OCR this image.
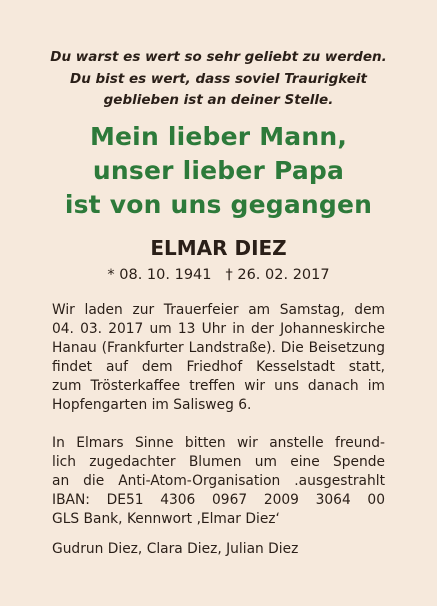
Du warst es wert so sehr geliebt zu werden.
Du bist es wert, dass soviel Traurigkeit
geblieben ist an deiner Stelle.
Mein lieber Mann,
unser lieber Papa
ist von uns gegangen
ELMAR DIEZ
* 08. 10. 1941 † 26. 02. 2017
Wir laden zur Trauerfeier am Samstag, dem
04. 03. 2017 um 13 Uhr in der Johanneskirche
Hanau (Frankfurter Landstraße). Die Beisetzung
findet auf dem Friedhof Kesselstadt statt,
zum Trösterkaffee treffen wir uns danach im
Hopfengarten im Salisweg 6.
In Elmars Sinne bitten wir anstelle freund-
lich zugedachter Blumen um eine Spende
an die Anti-Atom-Organisation .ausgestrahlt
IBAN: DE51 4306 0967 2009 3064 00
GLS Bank, Kennwort ‚Elmar Diez‘
Gudrun Diez, Clara Diez, Julian Diez
